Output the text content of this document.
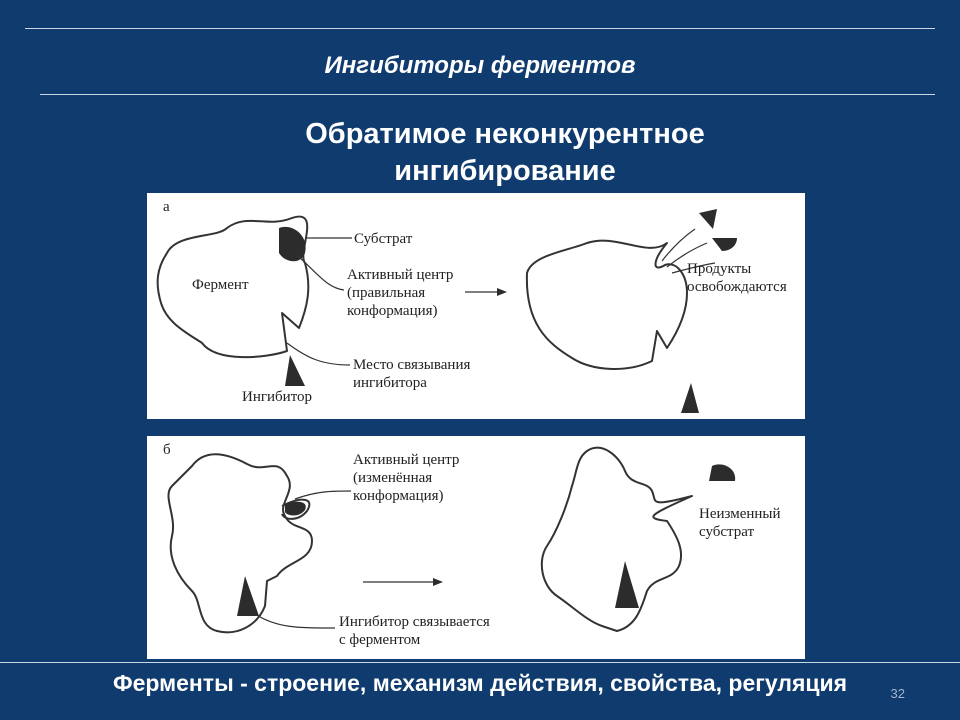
Ингибиторы ферментов
Обратимое неконкурентное
ингибирование
а
Фермент
Субстрат
Активный центр
(правильная
конформация)
Место связывания
ингибитора
Ингибитор
Продукты
освобождаются
б
Активный центр
(изменённая
конформация)
Ингибитор связывается
с ферментом
Неизменный
субстрат
Ферменты - строение, механизм действия, свойства, регуляция	32
